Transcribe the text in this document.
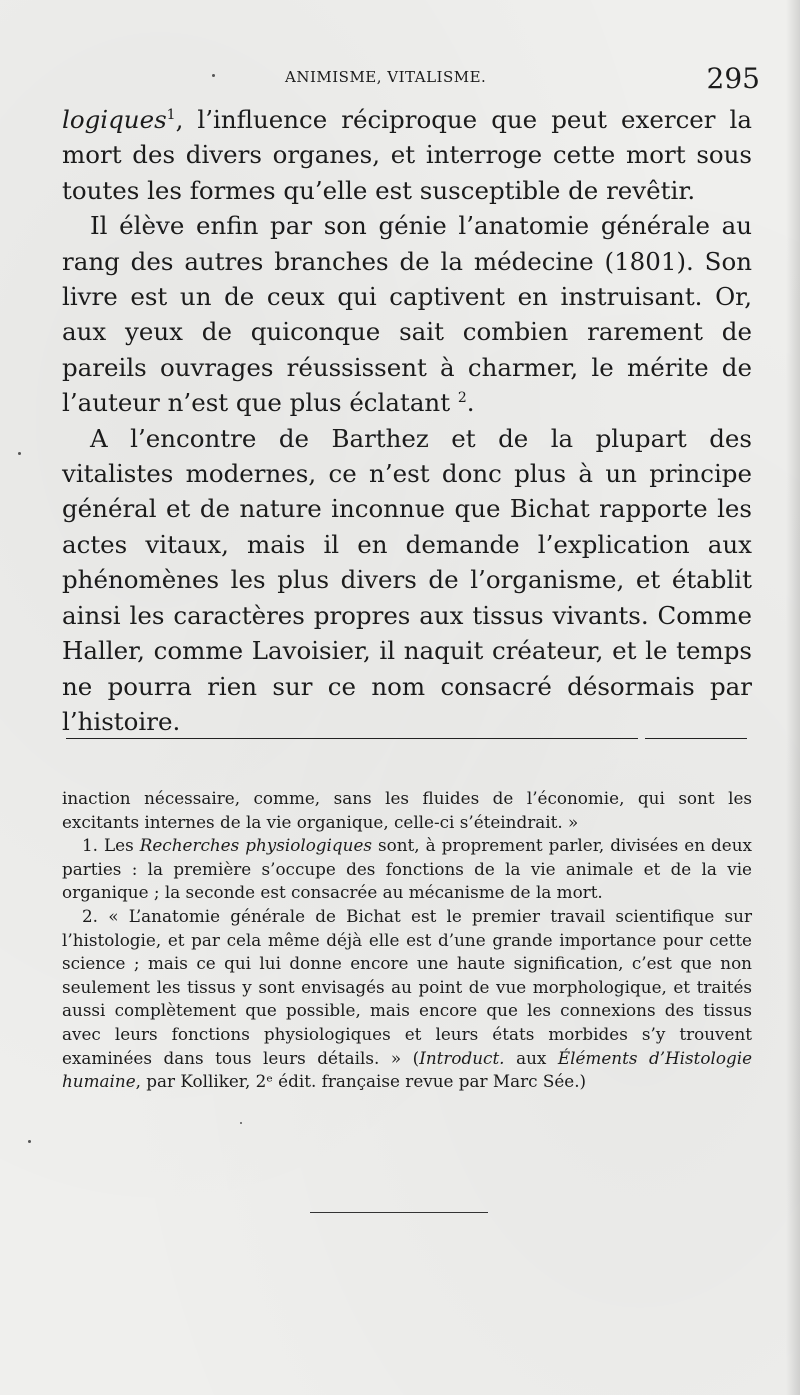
ANIMISME, VITALISME.	295

logiques$^1$, l’influence réciproque que peut exercer la mort des divers organes, et interroge cette mort sous toutes les formes qu’elle est susceptible de revêtir.

Il élève enfin par son génie l’anatomie générale au rang des autres branches de la médecine (1801). Son livre est un de ceux qui captivent en instruisant. Or, aux yeux de quiconque sait combien rarement de pareils ouvrages réussissent à charmer, le mérite de l’auteur n’est que plus éclatant $^2$.

A l’encontre de Barthez et de la plupart des vitalistes modernes, ce n’est donc plus à un principe général et de nature inconnue que Bichat rapporte les actes vitaux, mais il en demande l’explication aux phénomènes les plus divers de l’organisme, et établit ainsi les caractères propres aux tissus vivants. Comme Haller, comme Lavoisier, il naquit créateur, et le temps ne pourra rien sur ce nom consacré désormais par l’histoire.

inaction nécessaire, comme, sans les fluides de l’économie, qui sont les excitants internes de la vie organique, celle-ci s’éteindrait. »

1. Les Recherches physiologiques sont, à proprement parler, divisées en deux parties : la première s’occupe des fonctions de la vie animale et de la vie organique ; la seconde est consacrée au mécanisme de la mort.

2. « L’anatomie générale de Bichat est le premier travail scientifique sur l’histologie, et par cela même déjà elle est d’une grande importance pour cette science ; mais ce qui lui donne encore une haute signification, c’est que non seulement les tissus y sont envisagés au point de vue morphologique, et traités aussi complètement que possible, mais encore que les connexions des tissus avec leurs fonctions physiologiques et leurs états morbides s’y trouvent examinées dans tous leurs détails. » (Introduct. aux Éléments d’Histologie humaine, par Kolliker, 2ᵉ édit. française revue par Marc Sée.)
